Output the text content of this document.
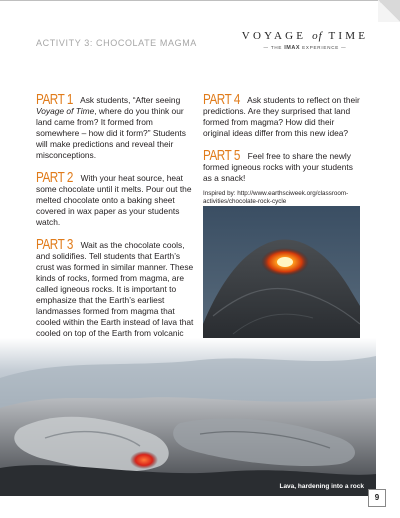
ACTIVITY 3: CHOCOLATE MAGMA
VOYAGE of TIME
— THE IMAX EXPERIENCE —

PART 1 Ask students, “After seeing Voyage of Time, where do you think our land came from? It formed from somewhere – how did it form?” Students will make predictions and reveal their misconceptions.

PART 2 With your heat source, heat some chocolate until it melts. Pour out the melted chocolate onto a baking sheet covered in wax paper as your students watch.

PART 3 Wait as the chocolate cools, and solidifies. Tell students that Earth’s crust was formed in similar manner. These kinds of rocks, formed from magma, are called igneous rocks. It is important to emphasize that the Earth’s earliest landmasses formed from magma that cooled within the Earth instead of lava that cooled on top of the Earth from volcanic

PART 4 Ask students to reflect on their predictions. Are they surprised that land formed from magma? How did their original ideas differ from this new idea?

PART 5 Feel free to share the newly formed igneous rocks with your students as a snack!

Inspired by: http://www.earthsciweek.org/classroom-activities/chocolate-rock-cycle
Lava, hardening into a rock
9
